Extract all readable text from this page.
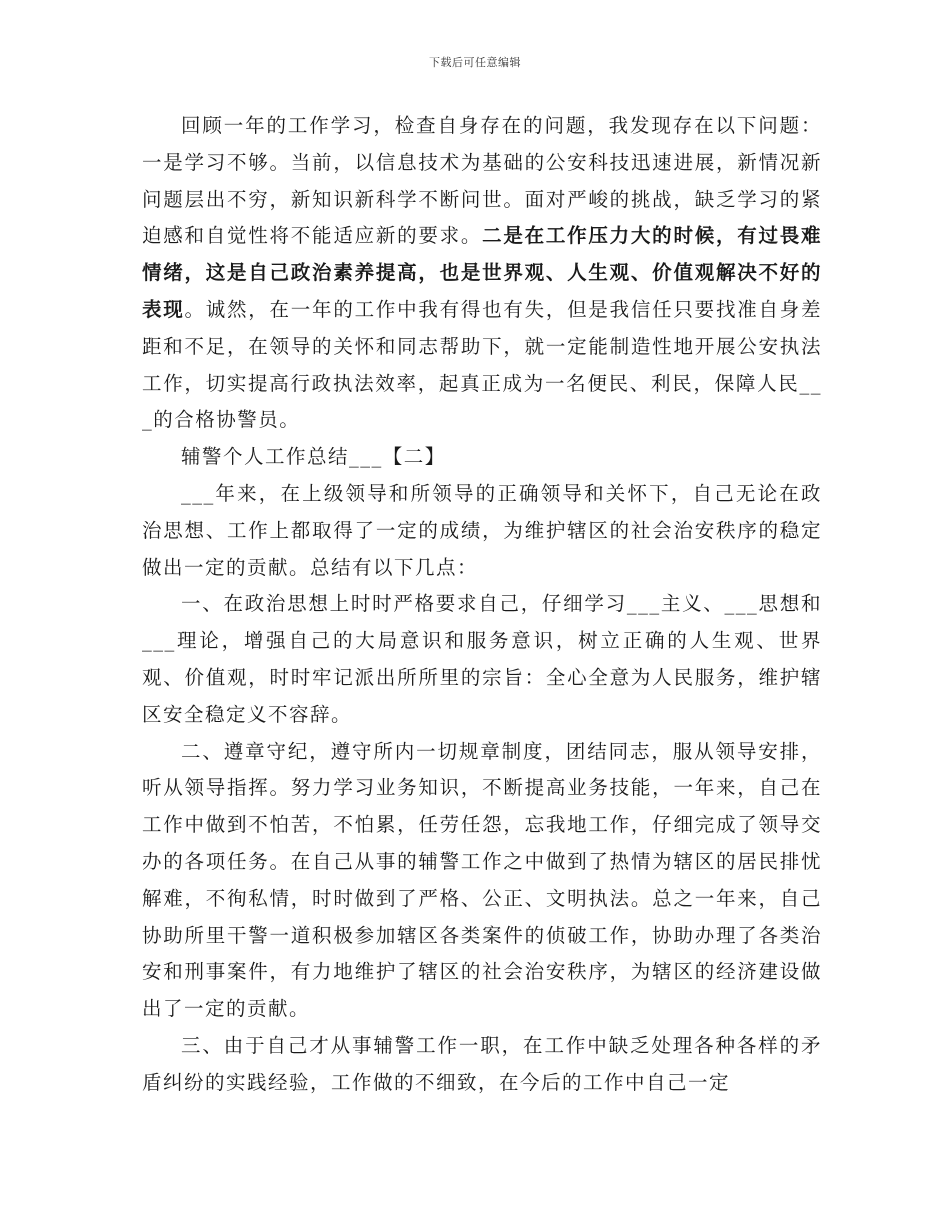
下载后可任意编辑

回顾一年的工作学习，检查自身存在的问题，我发现存在以下问题：一是学习不够。当前，以信息技术为基础的公安科技迅速进展，新情况新问题层出不穷，新知识新科学不断问世。面对严峻的挑战，缺乏学习的紧迫感和自觉性将不能适应新的要求。二是在工作压力大的时候，有过畏难情绪，这是自己政治素养提高，也是世界观、人生观、价值观解决不好的表现。诚然，在一年的工作中我有得也有失，但是我信任只要找准自身差距和不足，在领导的关怀和同志帮助下，就一定能制造性地开展公安执法工作，切实提高行政执法效率，起真正成为一名便民、利民，保障人民___的合格协警员。

辅警个人工作总结___【二】

___年来，在上级领导和所领导的正确领导和关怀下，自己无论在政治思想、工作上都取得了一定的成绩，为维护辖区的社会治安秩序的稳定做出一定的贡献。总结有以下几点：

一、在政治思想上时时严格要求自己，仔细学习___主义、___思想和___理论，增强自己的大局意识和服务意识，树立正确的人生观、世界观、价值观，时时牢记派出所所里的宗旨：全心全意为人民服务，维护辖区安全稳定义不容辞。

二、遵章守纪，遵守所内一切规章制度，团结同志，服从领导安排，听从领导指挥。努力学习业务知识，不断提高业务技能，一年来，自己在工作中做到不怕苦，不怕累，任劳任怨，忘我地工作，仔细完成了领导交办的各项任务。在自己从事的辅警工作之中做到了热情为辖区的居民排忧解难，不徇私情，时时做到了严格、公正、文明执法。总之一年来，自己协助所里干警一道积极参加辖区各类案件的侦破工作，协助办理了各类治安和刑事案件，有力地维护了辖区的社会治安秩序，为辖区的经济建设做出了一定的贡献。

三、由于自己才从事辅警工作一职，在工作中缺乏处理各种各样的矛盾纠纷的实践经验，工作做的不细致，在今后的工作中自己一定
